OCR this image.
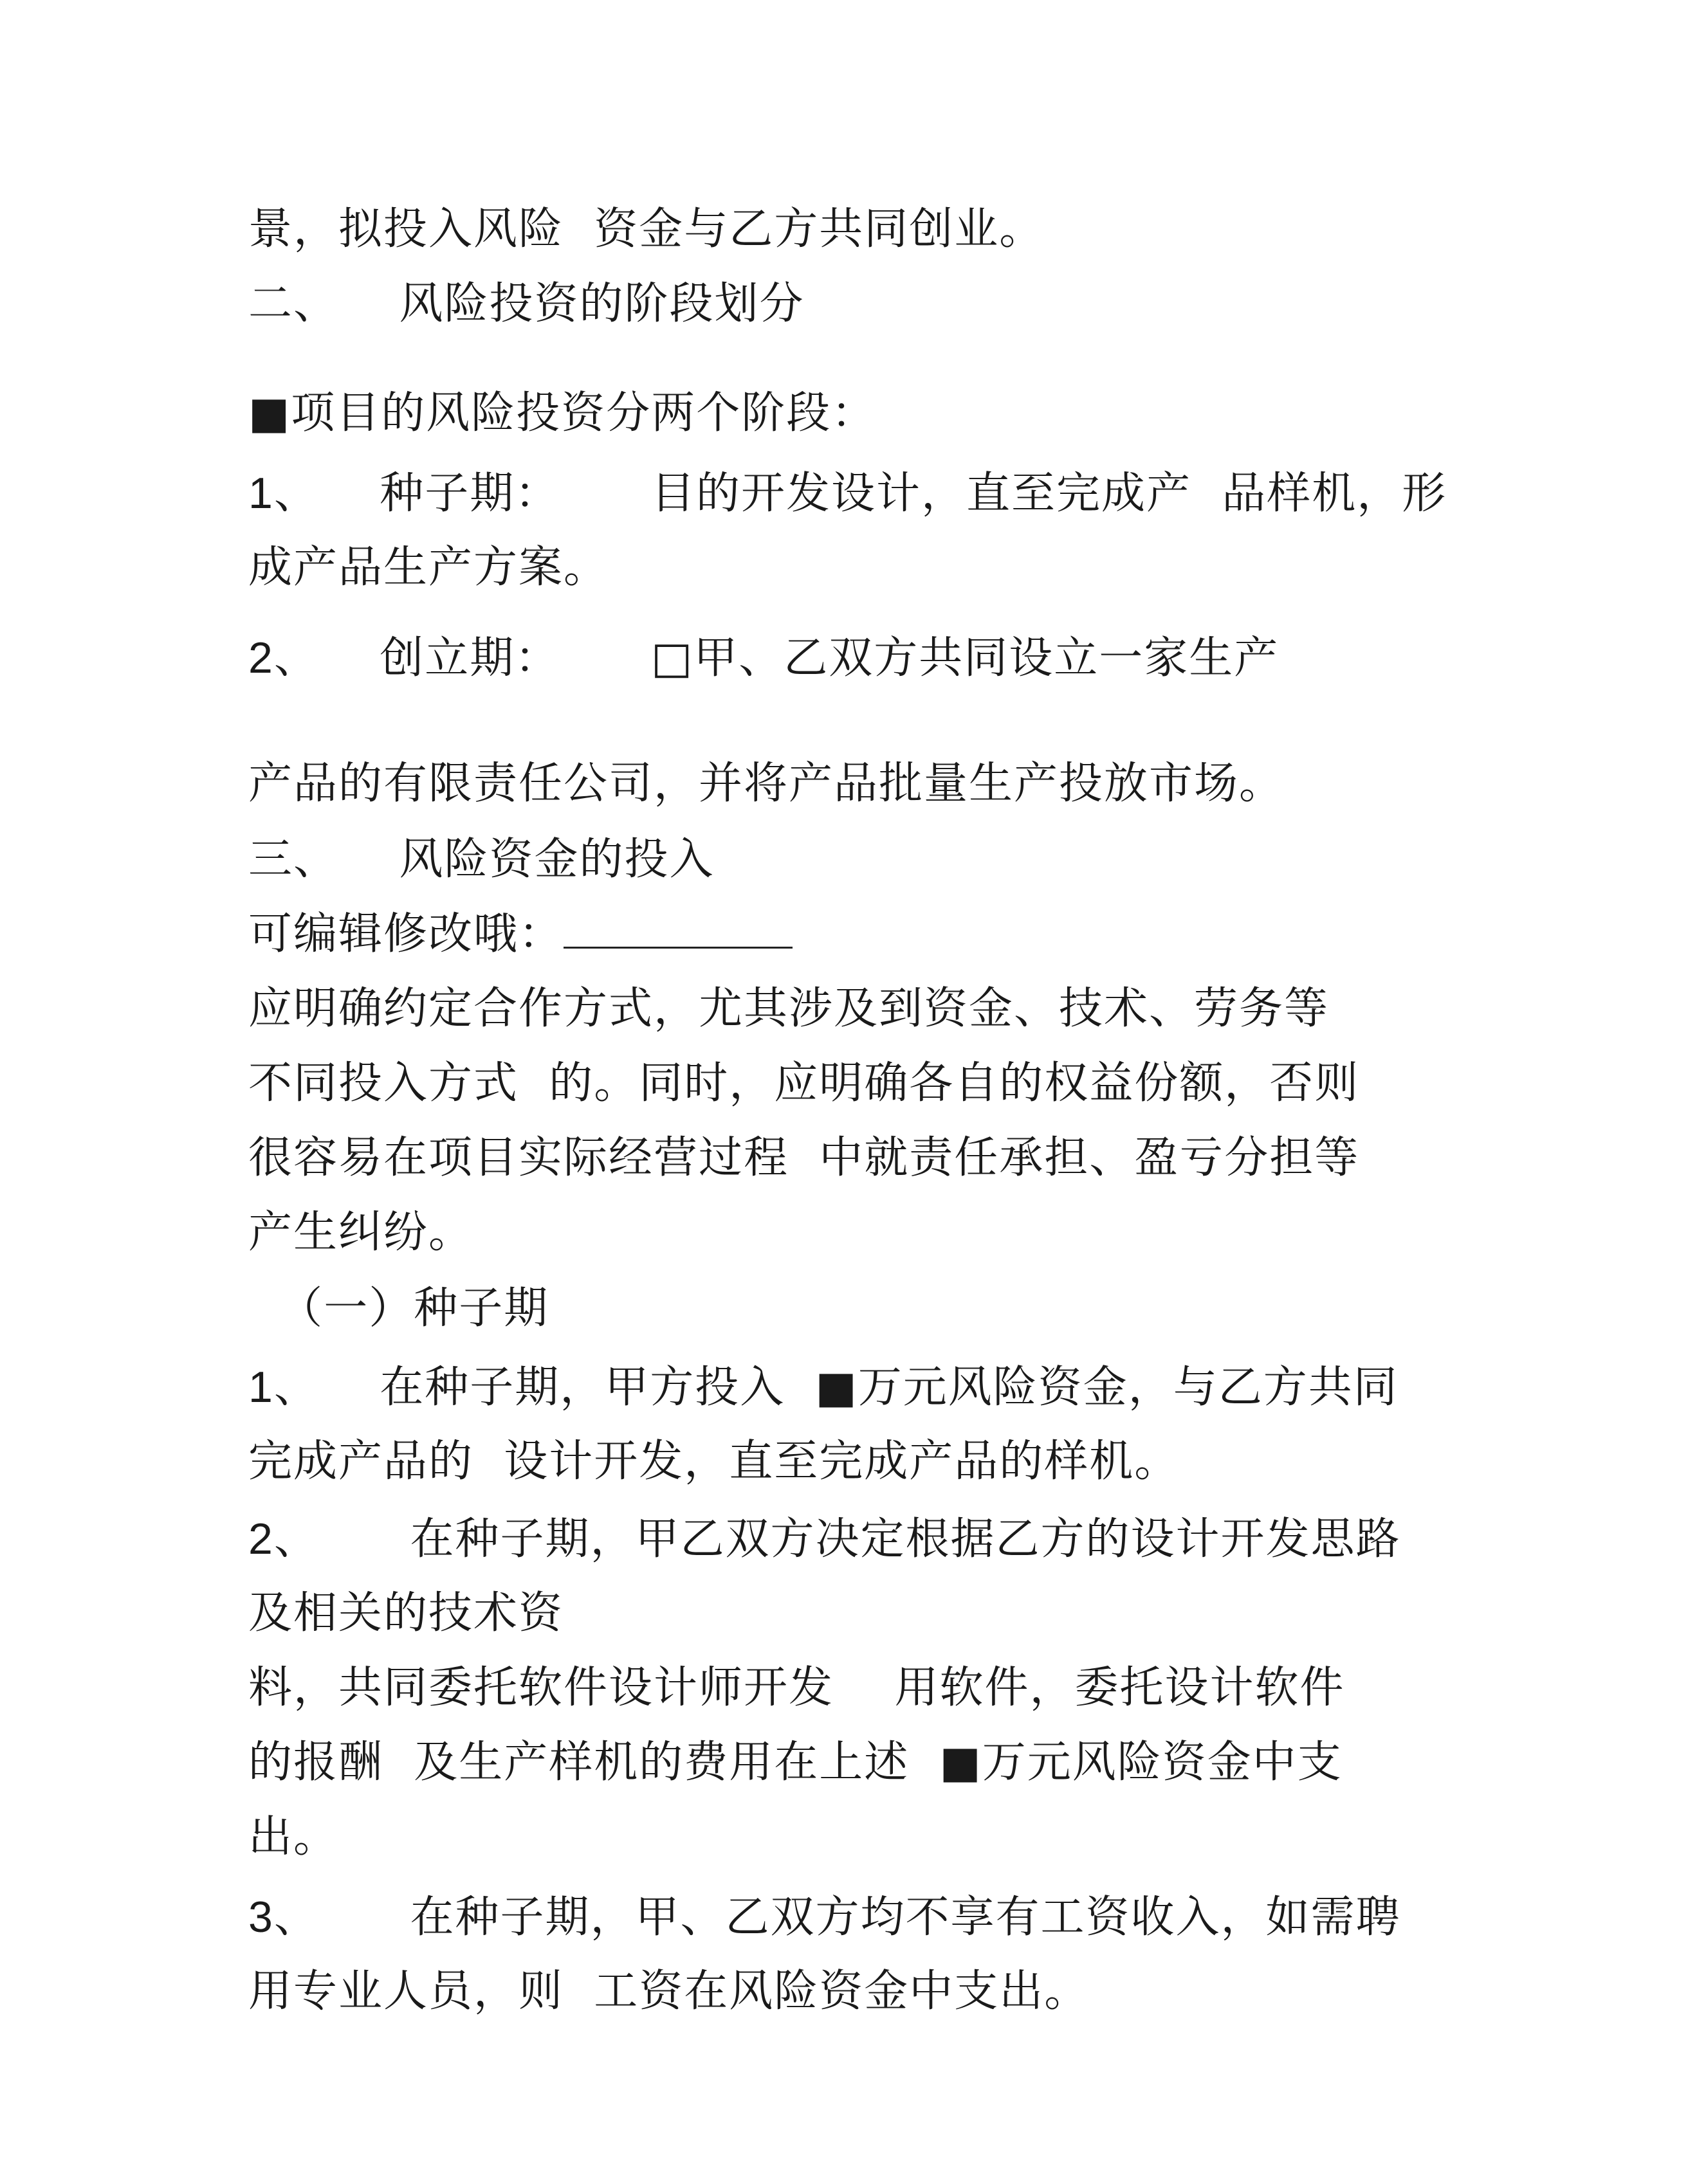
景，拟投入风险  资金与乙方共同创业。
二、    风险投资的阶段划分
■项目的风险投资分两个阶段：
1、    种子期：      目的开发设计，直至完成产  品样机，形
成产品生产方案。
2、    创立期：      □甲、乙双方共同设立一家生产
产品的有限责任公司，并将产品批量生产投放市场。
三、    风险资金的投入
可编辑修改哦：
应明确约定合作方式，尤其涉及到资金、技术、劳务等
不同投入方式  的。同时，应明确各自的权益份额，否则
很容易在项目实际经营过程  中就责任承担、盈亏分担等
产生纠纷。
（一）种子期
1、    在种子期，甲方投入  ■万元风险资金，与乙方共同
完成产品的  设计开发，直至完成产品的样机。
2、      在种子期，甲乙双方决定根据乙方的设计开发思路
及相关的技术资
料，共同委托软件设计师开发    用软件，委托设计软件
的报酬  及生产样机的费用在上述  ■万元风险资金中支
出。
3、      在种子期，甲、乙双方均不享有工资收入，如需聘
用专业人员，则  工资在风险资金中支出。
